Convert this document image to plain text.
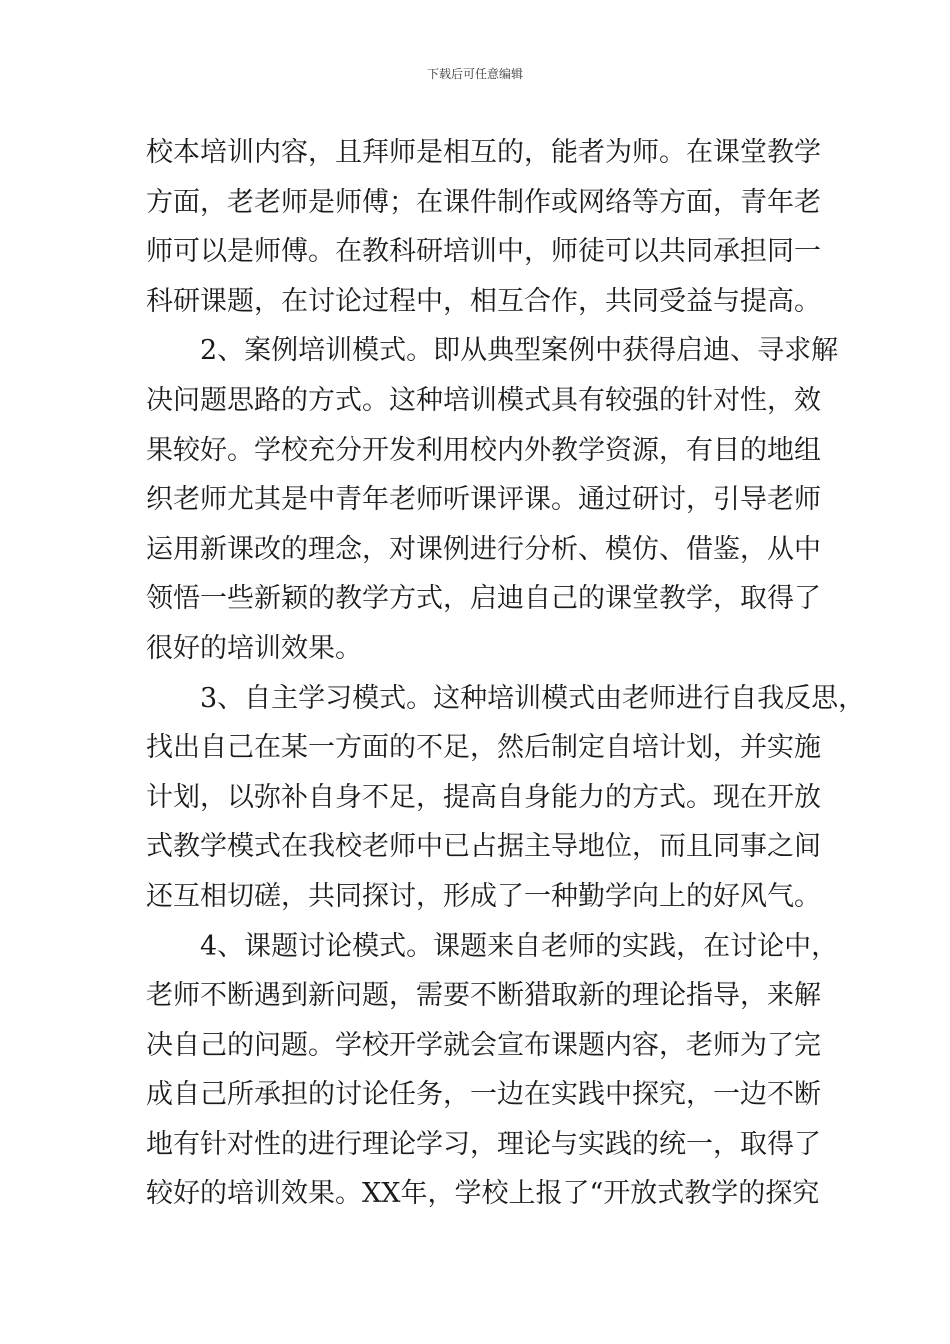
下载后可任意编辑
校本培训内容，且拜师是相互的，能者为师。在课堂教学
方面，老老师是师傅；在课件制作或网络等方面，青年老
师可以是师傅。在教科研培训中，师徒可以共同承担同一
科研课题，在讨论过程中，相互合作，共同受益与提高。
2、案例培训模式。即从典型案例中获得启迪、寻求解
决问题思路的方式。这种培训模式具有较强的针对性，效
果较好。学校充分开发利用校内外教学资源，有目的地组
织老师尤其是中青年老师听课评课。通过研讨，引导老师
运用新课改的理念，对课例进行分析、模仿、借鉴，从中
领悟一些新颖的教学方式，启迪自己的课堂教学，取得了
很好的培训效果。
3、自主学习模式。这种培训模式由老师进行自我反思，
找出自己在某一方面的不足，然后制定自培计划，并实施
计划，以弥补自身不足，提高自身能力的方式。现在开放
式教学模式在我校老师中已占据主导地位，而且同事之间
还互相切磋，共同探讨，形成了一种勤学向上的好风气。
4、课题讨论模式。课题来自老师的实践，在讨论中，
老师不断遇到新问题，需要不断猎取新的理论指导，来解
决自己的问题。学校开学就会宣布课题内容，老师为了完
成自己所承担的讨论任务，一边在实践中探究，一边不断
地有针对性的进行理论学习，理论与实践的统一，取得了
较好的培训效果。XX年，学校上报了“开放式教学的探究
